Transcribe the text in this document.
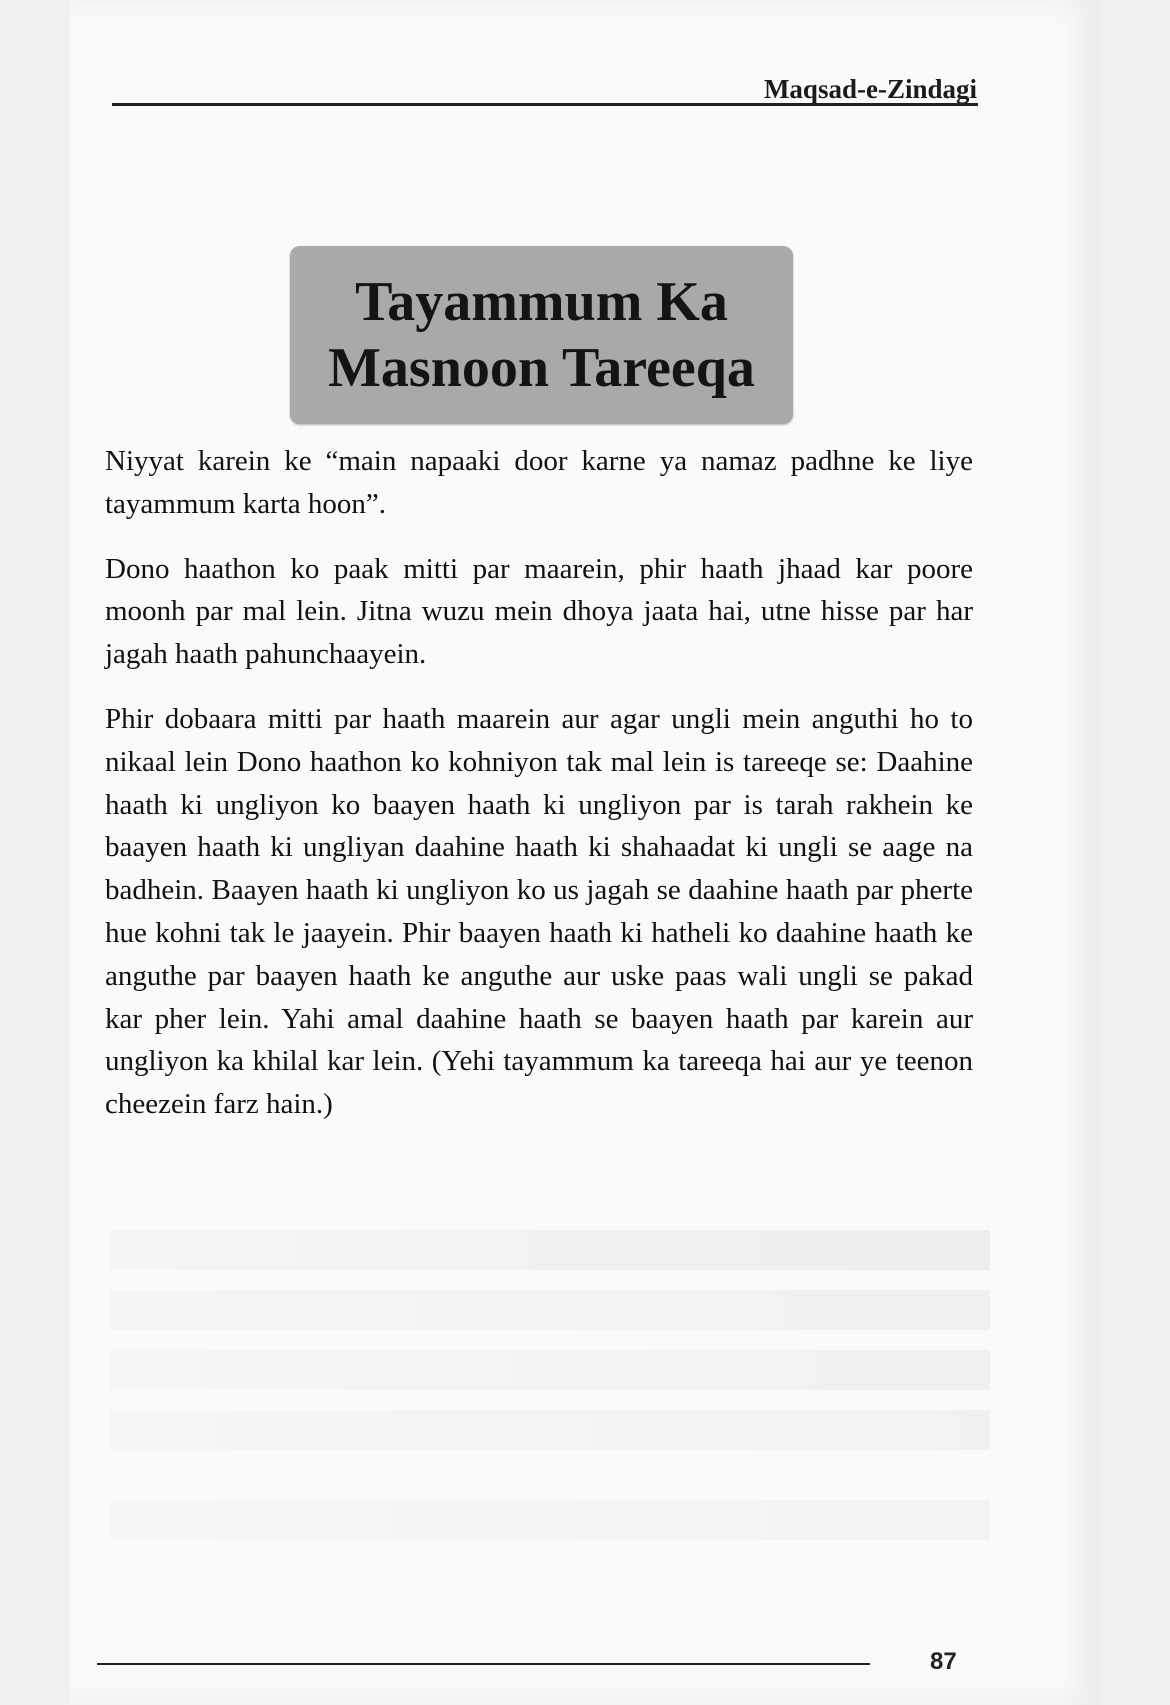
Maqsad-e-Zindagi
Tayammum Ka
Masnoon Tareeqa

Niyyat karein ke “main napaaki door karne ya namaz padhne ke liye tayammum karta hoon”.

Dono haathon ko paak mitti par maarein, phir haath jhaad kar poore moonh par mal lein. Jitna wuzu mein dhoya jaata hai, utne hisse par har jagah haath pahunchaayein.

Phir dobaara mitti par haath maarein aur agar ungli mein anguthi ho to nikaal lein Dono haathon ko kohniyon tak mal lein is tareeqe se: Daahine haath ki ungliyon ko baayen haath ki ungliyon par is tarah rakhein ke baayen haath ki ungliyan daahine haath ki shahaadat ki ungli se aage na badhein. Baayen haath ki ungliyon ko us jagah se daahine haath par pherte hue kohni tak le jaayein. Phir baayen haath ki hatheli ko daahine haath ke anguthe par baayen haath ke anguthe aur uske paas wali ungli se pakad kar pher lein. Yahi amal daahine haath se baayen haath par karein aur ungliyon ka khilal kar lein. (Yehi tayammum ka tareeqa hai aur ye teenon cheezein farz hain.)

87
